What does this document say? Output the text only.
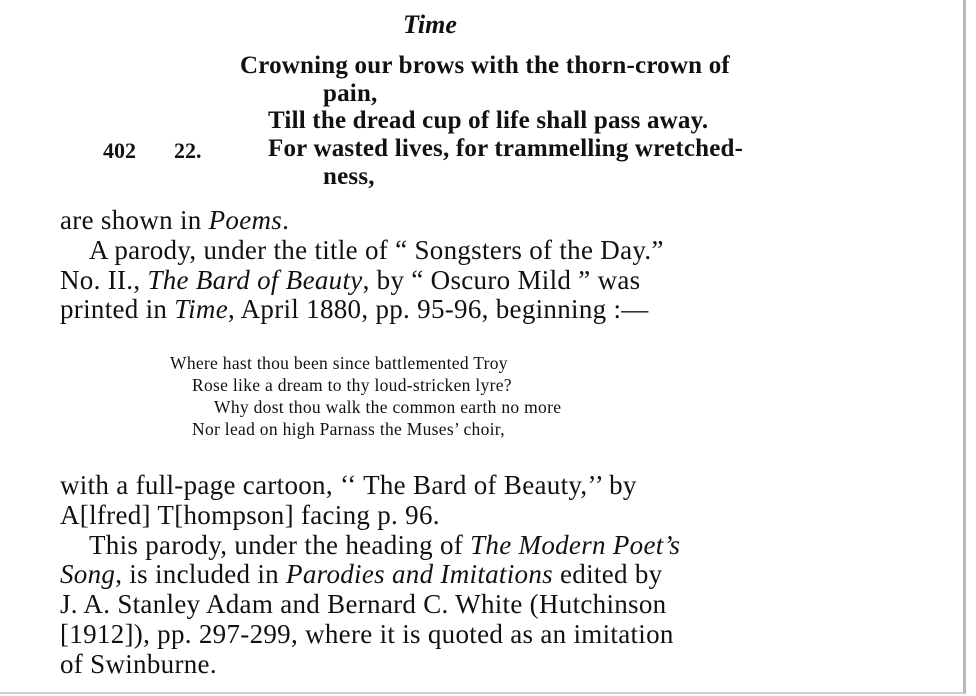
Time
Crowning our brows with the thorn-crown of
pain,
Till the dread cup of life shall pass away.
402 22.	For wasted lives, for trammelling wretched-
ness,
are shown in Poems.
A parody, under the title of “ Songsters of the Day.”
No. II., The Bard of Beauty, by “ Oscuro Mild ” was
printed in Time, April 1880, pp. 95-96, beginning :—
Where hast thou been since battlemented Troy
Rose like a dream to thy loud-stricken lyre?
Why dost thou walk the common earth no more
Nor lead on high Parnass the Muses’ choir,
with a full-page cartoon, ‘‘ The Bard of Beauty,’’ by
A[lfred] T[hompson] facing p. 96.
This parody, under the heading of The Modern Poet’s
Song, is included in Parodies and Imitations edited by
J. A. Stanley Adam and Bernard C. White (Hutchinson
[1912]), pp. 297-299, where it is quoted as an imitation
of Swinburne.
